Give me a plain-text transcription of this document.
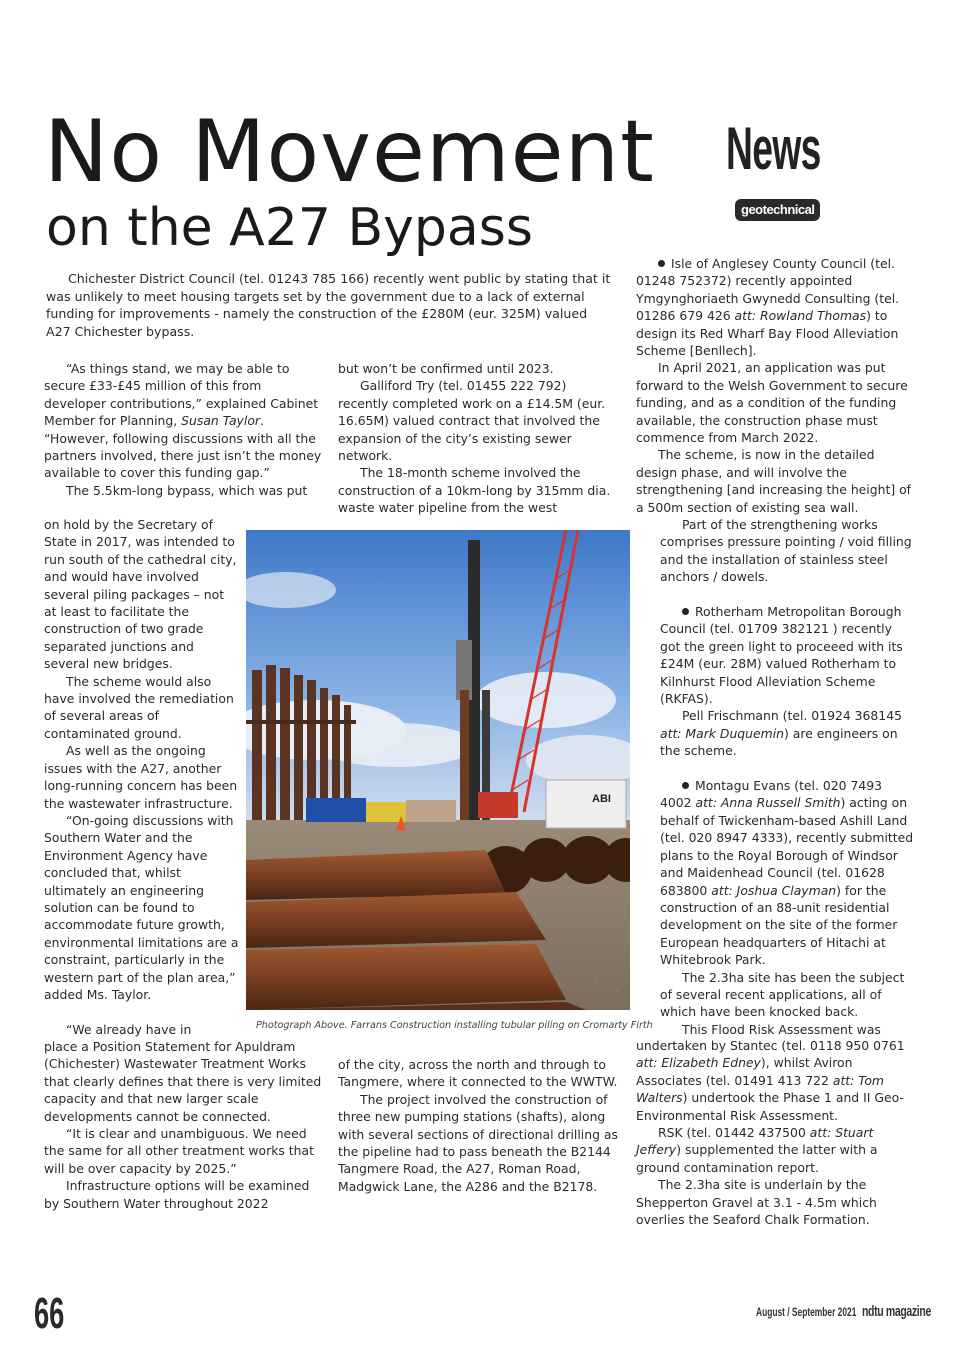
No Movement
on the A27 Bypass
News
geotechnical

Chichester District Council (tel. 01243 785 166) recently went public by stating that it was unlikely to meet housing targets set by the government due to a lack of external funding for improvements - namely the construction of the £280M (eur. 325M) valued A27 Chichester bypass.

“As things stand, we may be able to secure £33-£45 million of this from developer contributions,” explained Cabinet Member for Planning, Susan Taylor. “However, following discussions with all the partners involved, there just isn’t the money available to cover this funding gap.”

The 5.5km-long bypass, which was put

on hold by the Secretary of State in 2017, was intended to run south of the cathedral city, and would have involved several piling packages – not at least to facilitate the construction of two grade separated junctions and several new bridges.

The scheme would also have involved the remediation of several areas of contaminated ground.

As well as the ongoing issues with the A27, another long-running concern has been the wastewater infrastructure.

“On-going discussions with Southern Water and the Environment Agency have concluded that, whilst ultimately an engineering solution can be found to accommodate future growth, environmental limitations are a constraint, particularly in the western part of the plan area,” added Ms. Taylor.

“We already have in

place a Position Statement for Apuldram (Chichester) Wastewater Treatment Works that clearly defines that there is very limited capacity and that new larger scale developments cannot be connected.

“It is clear and unambiguous. We need the same for all other treatment works that will be over capacity by 2025.”

Infrastructure options will be examined by Southern Water throughout 2022

but won’t be confirmed until 2023.

Galliford Try (tel. 01455 222 792) recently completed work on a £14.5M (eur. 16.65M) valued contract that involved the expansion of the city’s existing sewer network.

The 18-month scheme involved the construction of a 10km-long by 315mm dia. waste water pipeline from the west

of the city, across the north and through to Tangmere, where it connected to the WWTW.

The project involved the construction of three new pumping stations (shafts), along with several sections of directional drilling as the pipeline had to pass beneath the B2144 Tangmere Road, the A27, Roman Road, Madgwick Lane, the A286 and the B2178.

Isle of Anglesey County Council (tel. 01248 752372) recently appointed Ymgynghoriaeth Gwynedd Consulting (tel. 01286 679 426 att: Rowland Thomas) to design its Red Wharf Bay Flood Alleviation Scheme [Benllech].

In April 2021, an application was put forward to the Welsh Government to secure funding, and as a condition of the funding available, the construction phase must commence from March 2022.

The scheme, is now in the detailed design phase, and will involve the strengthening [and increasing the height] of a 500m section of existing sea wall.

Part of the strengthening works comprises pressure pointing / void filling and the installation of stainless steel anchors / dowels.

Rotherham Metropolitan Borough Council (tel. 01709 382121 ) recently got the green light to proceeed with its £24M (eur. 28M) valued Rotherham to Kilnhurst Flood Alleviation Scheme (RKFAS).

Pell Frischmann (tel. 01924 368145 att: Mark Duquemin) are engineers on the scheme.

Montagu Evans (tel. 020 7493 4002 att: Anna Russell Smith) acting on behalf of Twickenham-based Ashill Land (tel. 020 8947 4333), recently submitted plans to the Royal Borough of Windsor and Maidenhead Council (tel. 01628 683800 att: Joshua Clayman) for the construction of an 88-unit residential development on the site of the former European headquarters of Hitachi at Whitebrook Park.

The 2.3ha site has been the subject of several recent applications, all of which have been knocked back.

This Flood Risk Assessment was

undertaken by Stantec (tel. 0118 950 0761 att: Elizabeth Edney), whilst Aviron Associates (tel. 01491 413 722 att: Tom Walters) undertook the Phase 1 and II Geo-Environmental Risk Assessment.

RSK (tel. 01442 437500 att: Stuart Jeffery) supplemented the latter with a ground contamination report.

The 2.3ha site is underlain by the Shepperton Gravel at 3.1 - 4.5m which overlies the Seaford Chalk Formation.

ABI
Photograph Above. Farrans Construction installing tubular piling on Cromarty Firth
66	August / September 2021 ndtu magazine
